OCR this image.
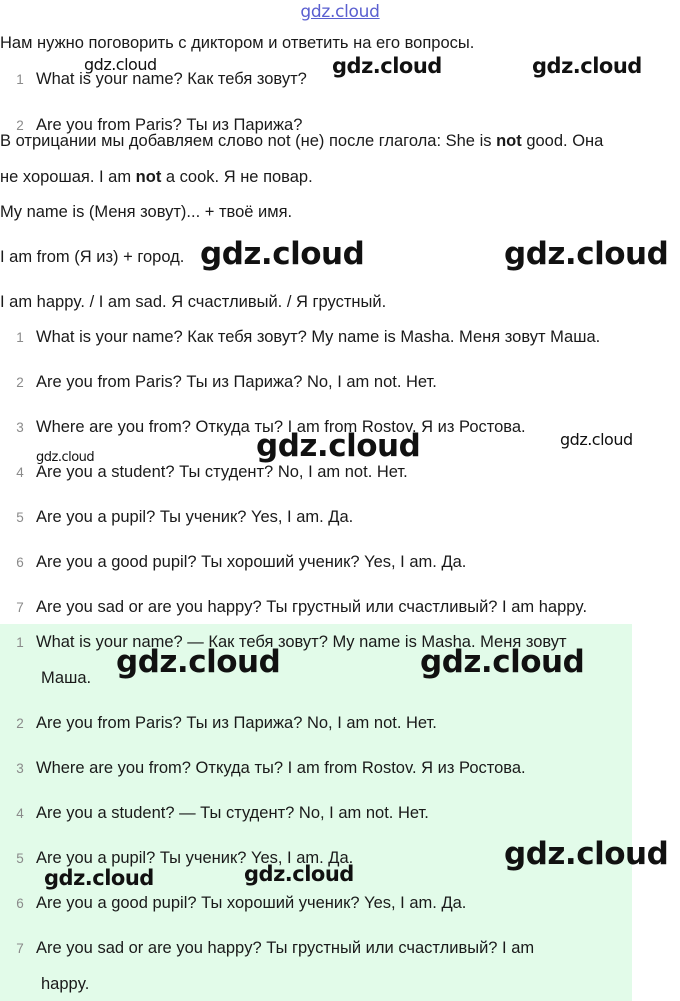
gdz.cloud
Нам нужно поговорить с диктором и ответить на его вопросы.
1 What is your name? Как тебя зовут?
2 Are you from Paris? Ты из Парижа?
В отрицании мы добавляем слово not (не) после глагола: She is not good. Она
не хорошая. I am not a cook. Я не повар.
My name is (Меня зовут)... + твоё имя.
I am from (Я из) + город.
I am happy. / I am sad. Я счастливый. / Я грустный.
1 What is your name? Как тебя зовут? My name is Masha. Меня зовут Маша.
2 Are you from Paris? Ты из Парижа? No, I am not. Нет.
3 Where are you from? Откуда ты? I am from Rostov. Я из Ростова.
4 Are you a student? Ты студент? No, I am not. Нет.
5 Are you a pupil? Ты ученик? Yes, I am. Да.
6 Are you a good pupil? Ты хороший ученик? Yes, I am. Да.
7 Are you sad or are you happy? Ты грустный или счастливый? I am happy.
1 What is your name? — Как тебя зовут? My name is Masha. Меня зовут
Маша.
2 Are you from Paris? Ты из Парижа? No, I am not. Нет.
3 Where are you from? Откуда ты? I am from Rostov. Я из Ростова.
4 Are you a student? — Ты студент? No, I am not. Нет.
5 Are you a pupil? Ты ученик? Yes, I am. Да.
6 Are you a good pupil? Ты хороший ученик? Yes, I am. Да.
7 Are you sad or are you happy? Ты грустный или счастливый? I am
happy.
gdz.cloud	gdz.cloud	gdz.cloud
gdz.cloud	gdz.cloud
gdz.cloud	gdz.cloud
gdz.cloud
gdz.cloud	gdz.cloud
gdz.cloud
gdz.cloud	gdz.cloud
